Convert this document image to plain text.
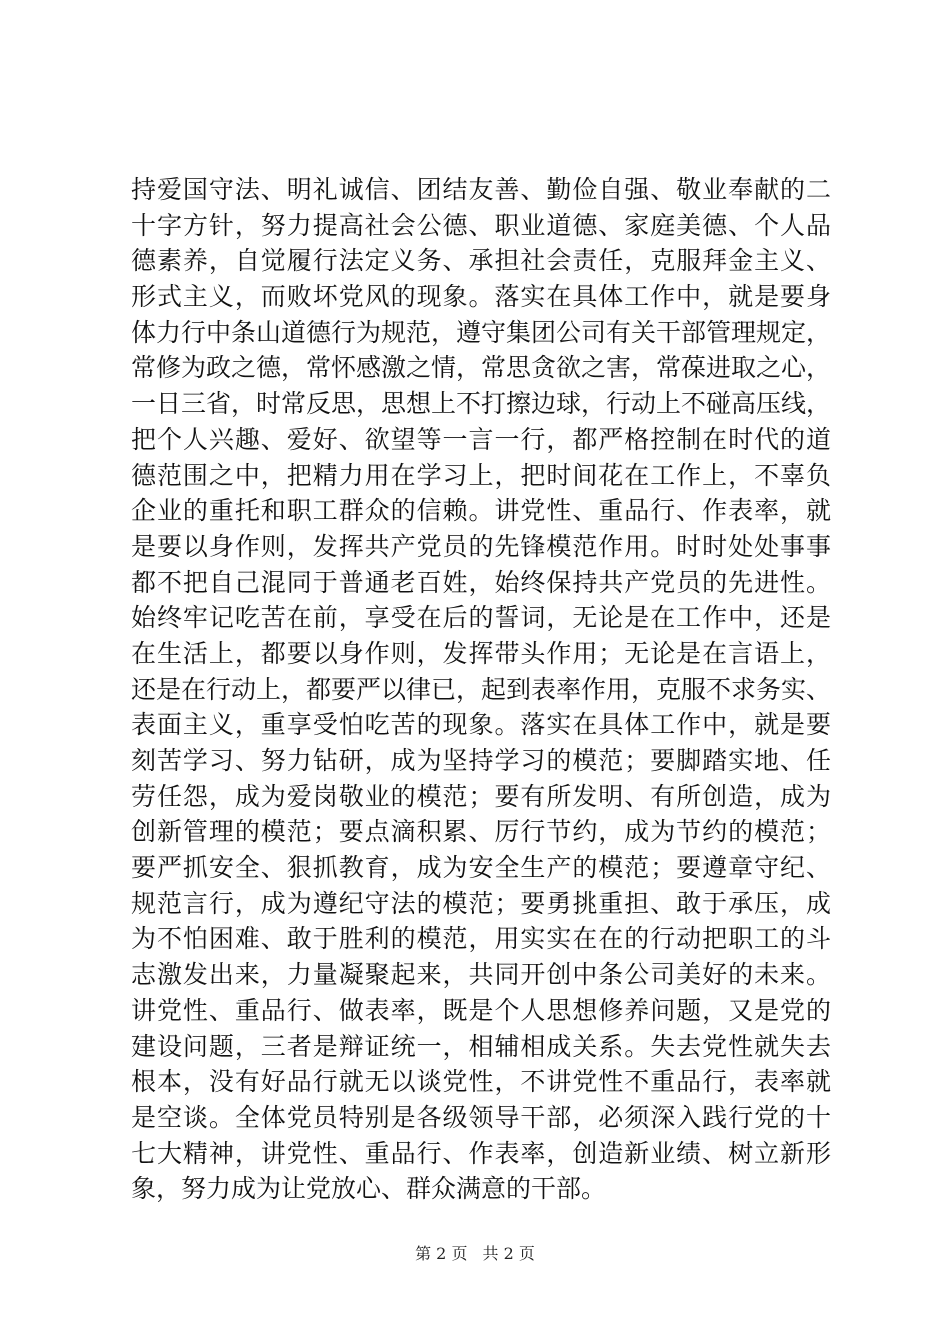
持爱国守法、明礼诚信、团结友善、勤俭自强、敬业奉献的二
十字方针，努力提高社会公德、职业道德、家庭美德、个人品
德素养，自觉履行法定义务、承担社会责任，克服拜金主义、
形式主义，而败坏党风的现象。落实在具体工作中，就是要身
体力行中条山道德行为规范，遵守集团公司有关干部管理规定，
常修为政之德，常怀感激之情，常思贪欲之害，常葆进取之心，
一日三省，时常反思，思想上不打擦边球，行动上不碰高压线，
把个人兴趣、爱好、欲望等一言一行，都严格控制在时代的道
德范围之中，把精力用在学习上，把时间花在工作上，不辜负
企业的重托和职工群众的信赖。讲党性、重品行、作表率，就
是要以身作则，发挥共产党员的先锋模范作用。时时处处事事
都不把自己混同于普通老百姓，始终保持共产党员的先进性。
始终牢记吃苦在前，享受在后的誓词，无论是在工作中，还是
在生活上，都要以身作则，发挥带头作用；无论是在言语上，
还是在行动上，都要严以律已，起到表率作用，克服不求务实、
表面主义，重享受怕吃苦的现象。落实在具体工作中，就是要
刻苦学习、努力钻研，成为坚持学习的模范；要脚踏实地、任
劳任怨，成为爱岗敬业的模范；要有所发明、有所创造，成为
创新管理的模范；要点滴积累、厉行节约，成为节约的模范；
要严抓安全、狠抓教育，成为安全生产的模范；要遵章守纪、
规范言行，成为遵纪守法的模范；要勇挑重担、敢于承压，成
为不怕困难、敢于胜利的模范，用实实在在的行动把职工的斗
志激发出来，力量凝聚起来，共同开创中条公司美好的未来。
讲党性、重品行、做表率，既是个人思想修养问题，又是党的
建设问题，三者是辩证统一，相辅相成关系。失去党性就失去
根本，没有好品行就无以谈党性，不讲党性不重品行，表率就
是空谈。全体党员特别是各级领导干部，必须深入践行党的十
七大精神，讲党性、重品行、作表率，创造新业绩、树立新形
象，努力成为让党放心、群众满意的干部。
第 2 页 共 2 页
